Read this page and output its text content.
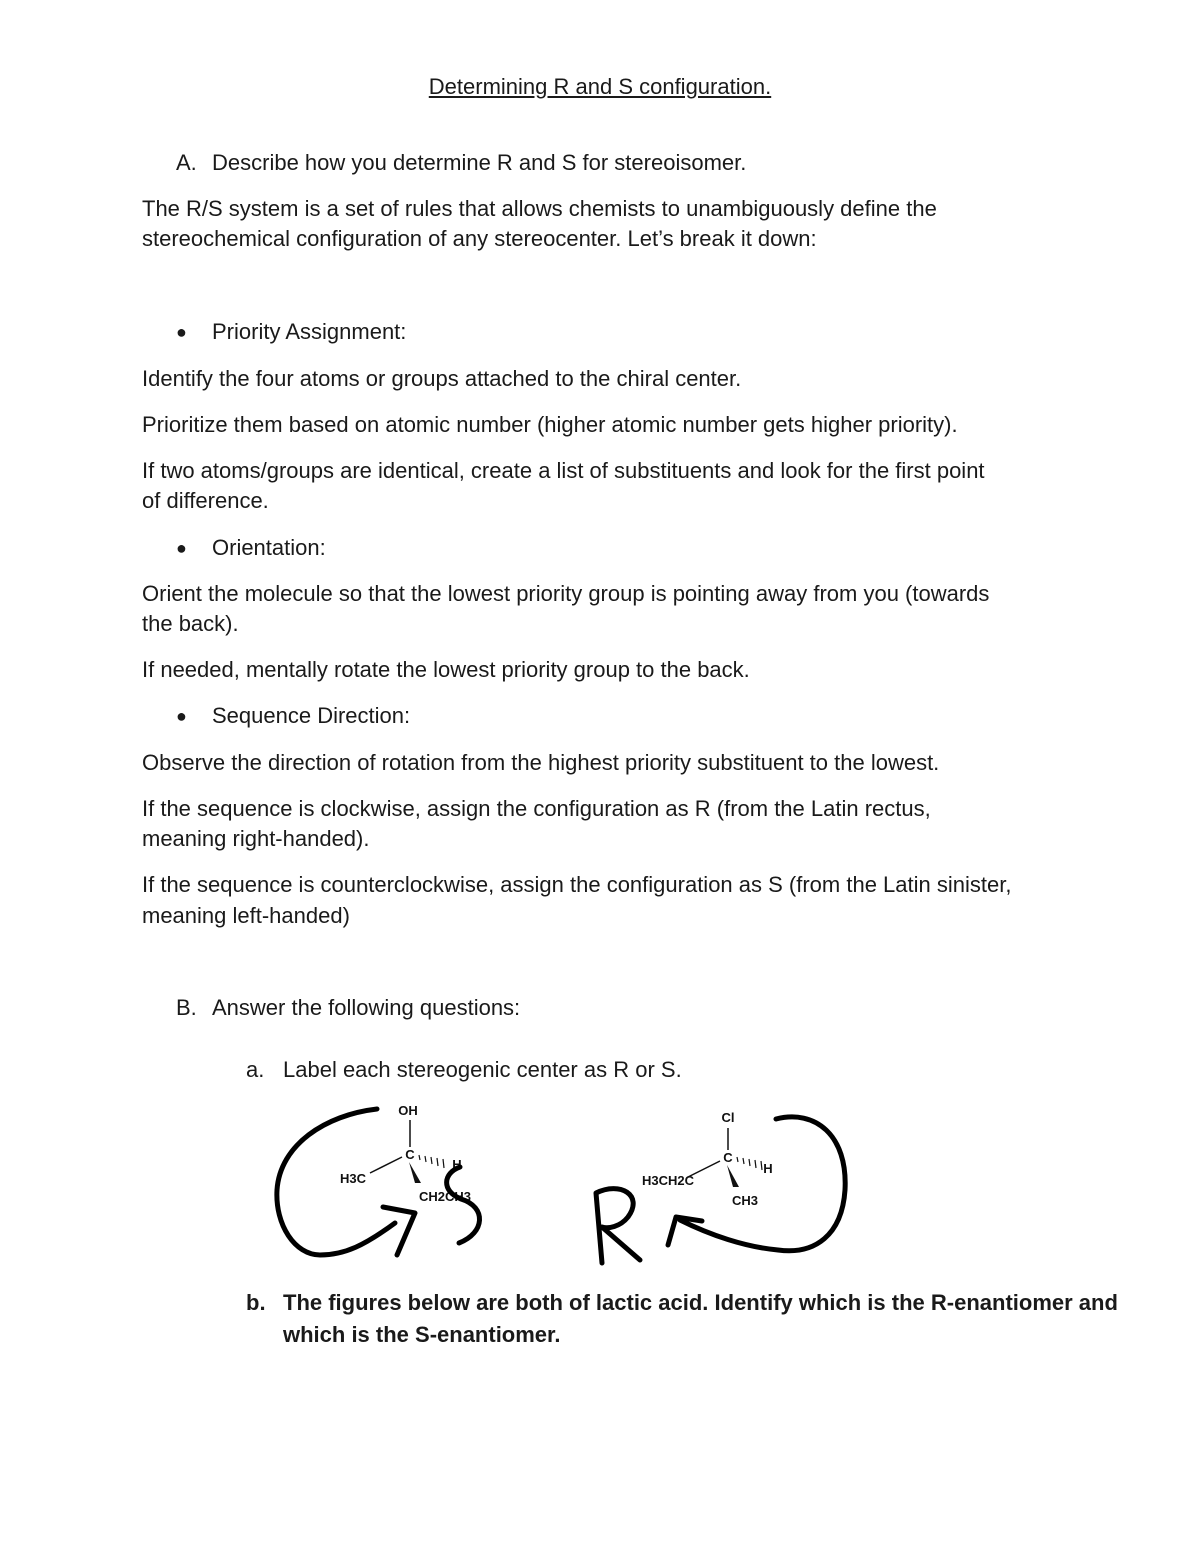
Determining R and S configuration.
A. Describe how you determine R and S for stereoisomer.
The R/S system is a set of rules that allows chemists to unambiguously define the
stereochemical configuration of any stereocenter. Let’s break it down:
● Priority Assignment:
Identify the four atoms or groups attached to the chiral center.
Prioritize them based on atomic number (higher atomic number gets higher priority).
If two atoms/groups are identical, create a list of substituents and look for the first point
of difference.
● Orientation:
Orient the molecule so that the lowest priority group is pointing away from you (towards
the back).
If needed, mentally rotate the lowest priority group to the back.
● Sequence Direction:
Observe the direction of rotation from the highest priority substituent to the lowest.
If the sequence is clockwise, assign the configuration as R (from the Latin rectus,
meaning right-handed).
If the sequence is counterclockwise, assign the configuration as S (from the Latin sinister,
meaning left-handed)
B. Answer the following questions:
a. Label each stereogenic center as R or S.
OH
C
H3C
H
CH2CH3
Cl
C
H3CH2C
H
CH3
b. The figures below are both of lactic acid. Identify which is the R-enantiomer and
which is the S-enantiomer.
